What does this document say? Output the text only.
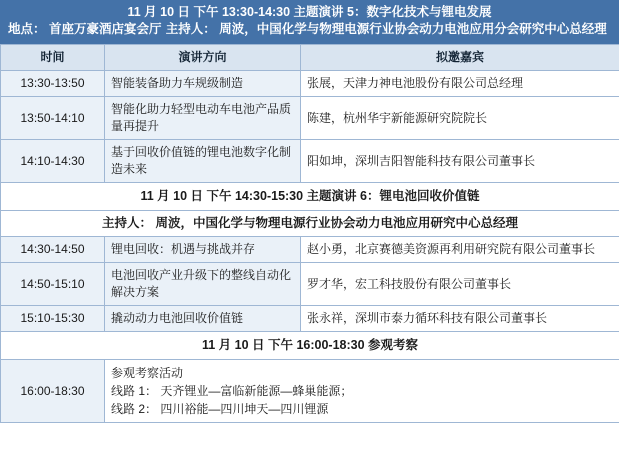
11 月 10 日 下午 13:30-14:30 主题演讲 5：数字化技术与锂电发展
地点： 首座万豪酒店宴会厅 主持人： 周波，中国化学与物理电源行业协会动力电池应用分会研究中心总经理
时间	演讲方向	拟邀嘉宾
13:30-13:50	智能装备助力车规级制造	张展，天津力神电池股份有限公司总经理
13:50-14:10	智能化助力轻型电动车电池产品质量再提升	陈建，杭州华宇新能源研究院院长
14:10-14:30	基于回收价值链的锂电池数字化制造未来	阳如坤，深圳吉阳智能科技有限公司董事长
11 月 10 日 下午 14:30-15:30 主题演讲 6：锂电池回收价值链		
主持人： 周波，中国化学与物理电源行业协会动力电池应用研究中心总经理		
14:30-14:50	锂电回收：机遇与挑战并存	赵小勇，北京赛德美资源再利用研究院有限公司董事长
14:50-15:10	电池回收产业升级下的整线自动化解决方案	罗才华，宏工科技股份有限公司董事长
15:10-15:30	撬动动力电池回收价值链	张永祥，深圳市泰力循环科技有限公司董事长
11 月 10 日 下午 16:00-18:30 参观考察		
16:00-18:30	参观考察活动
线路 1： 天齐锂业—富临新能源—蜂巢能源；
线路 2： 四川裕能—四川坤天—四川锂源	
